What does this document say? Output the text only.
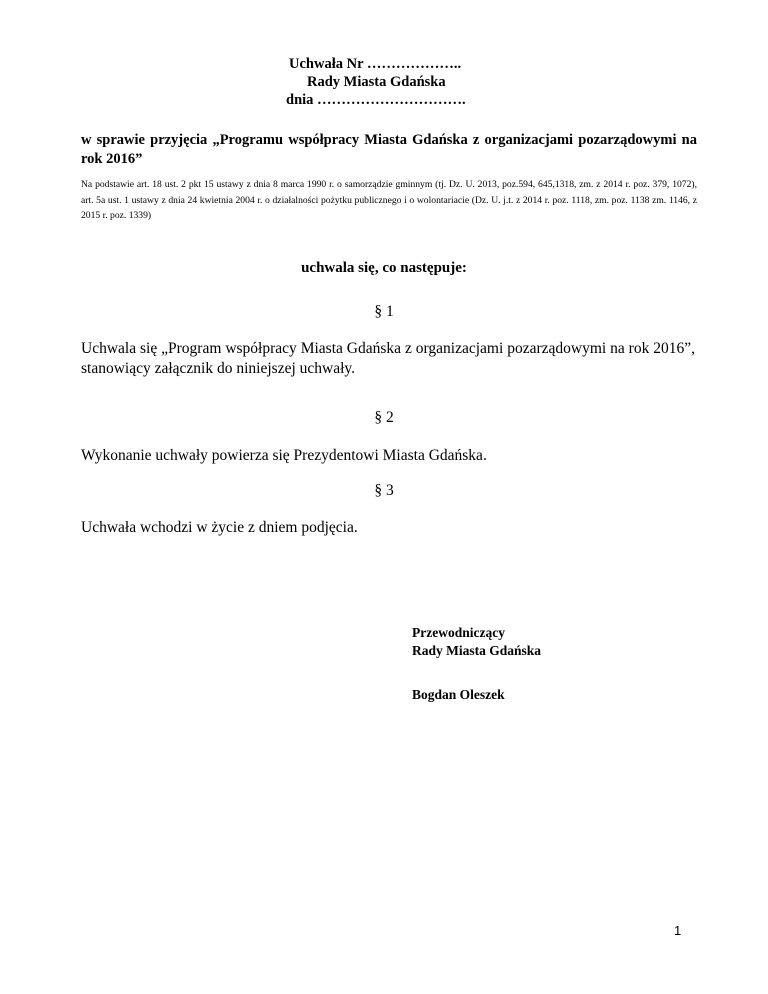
Uchwała Nr ………………..
Rady Miasta Gdańska
dnia ………………………….
w sprawie przyjęcia „Programu współpracy Miasta Gdańska z organizacjami pozarządowymi na rok 2016”
Na podstawie art. 18 ust. 2 pkt 15 ustawy z dnia 8 marca 1990 r. o samorządzie gminnym (tj. Dz. U. 2013, poz.594, 645,1318, zm. z 2014 r. poz. 379, 1072), art. 5a ust. 1 ustawy z dnia 24 kwietnia 2004 r. o działalności pożytku publicznego i o wolontariacie (Dz. U. j.t. z 2014 r. poz. 1118, zm. poz. 1138 zm. 1146, z 2015 r. poz. 1339)
uchwala się, co następuje:
§ 1
Uchwala się „Program współpracy Miasta Gdańska z organizacjami pozarządowymi na rok 2016”, stanowiący załącznik do niniejszej uchwały.
§ 2
Wykonanie uchwały powierza się Prezydentowi Miasta Gdańska.
§ 3
Uchwała wchodzi w życie z dniem podjęcia.
Przewodniczący
Rady Miasta Gdańska
Bogdan Oleszek
1
